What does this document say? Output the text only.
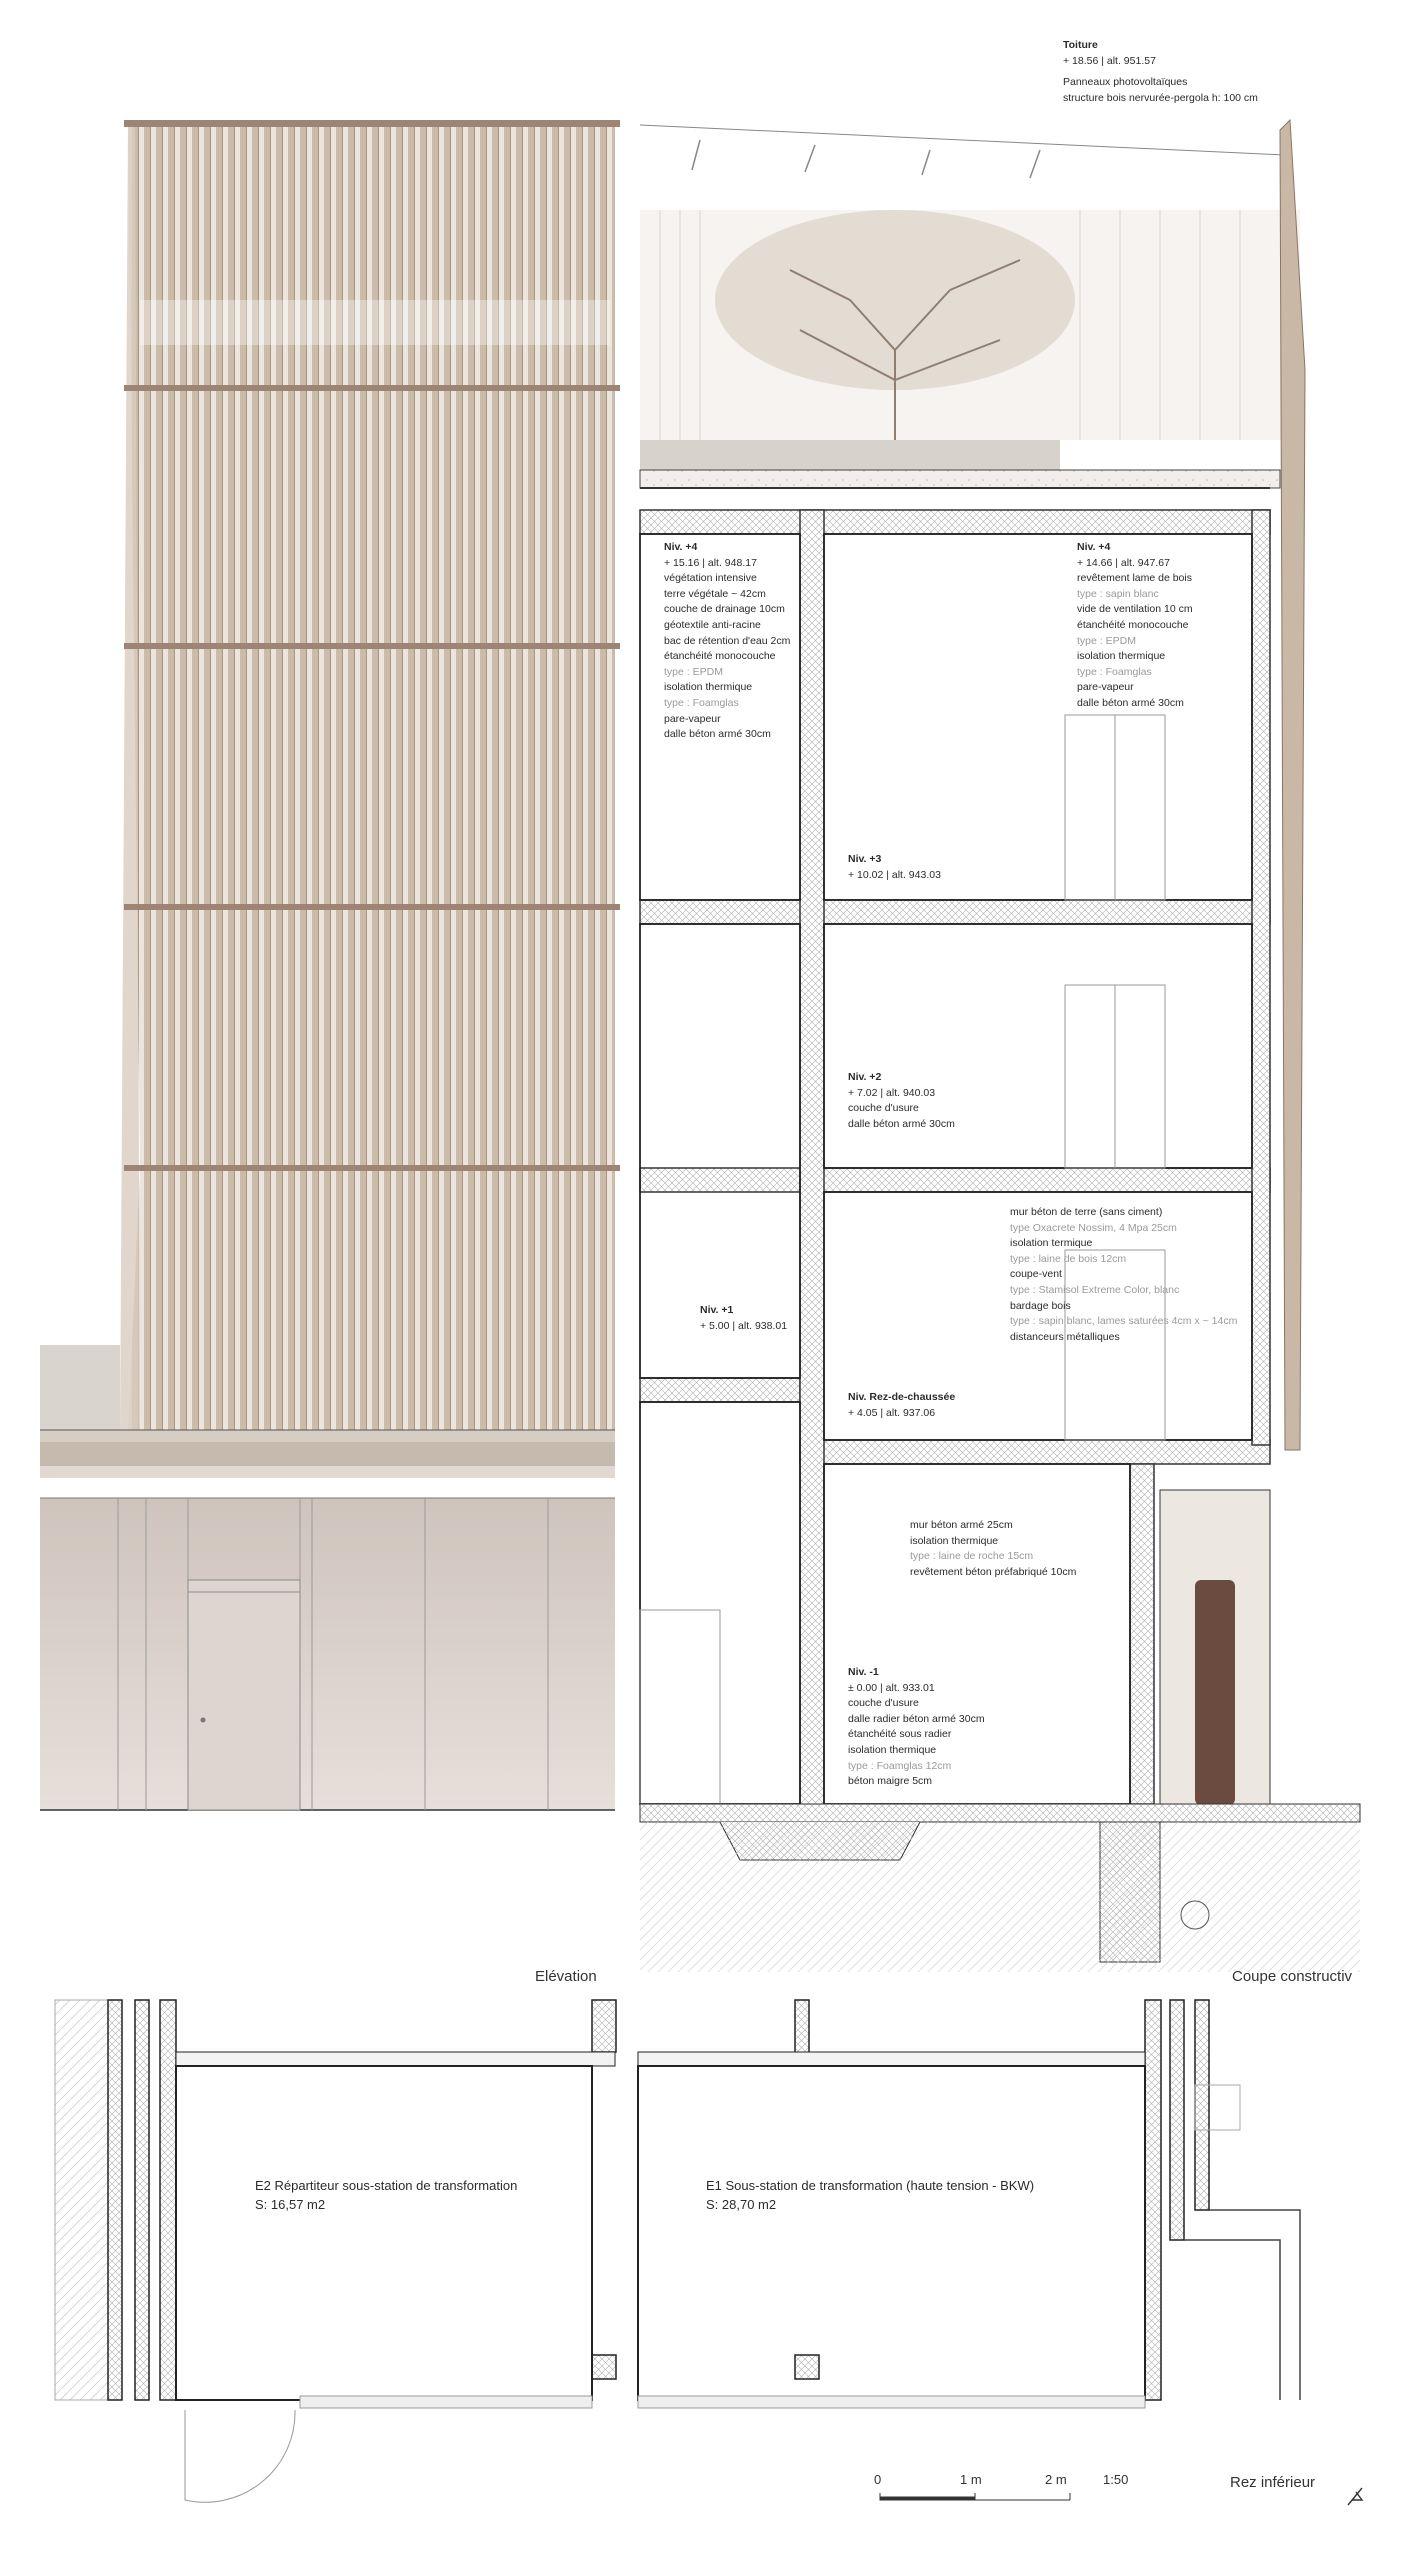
Toiture
+ 18.56 | alt. 951.57
Panneaux photovoltaïques
structure bois nervurée-pergola h: 100 cm
Niv. +4
+ 15.16 | alt. 948.17
végétation intensive
terre végétale ~ 42cm
couche de drainage 10cm
géotextile anti-racine
bac de rétention d'eau 2cm
étanchéité monocouche
type : EPDM
isolation thermique
type : Foamglas
pare-vapeur
dalle béton armé 30cm
Niv. +4
+ 14.66 | alt. 947.67
revêtement lame de bois
type : sapin blanc
vide de ventilation 10 cm
étanchéité monocouche
type : EPDM
isolation thermique
type : Foamglas
pare-vapeur
dalle béton armé 30cm
Niv. +3
+ 10.02 | alt. 943.03
Niv. +2
+ 7.02 | alt. 940.03
couche d'usure
dalle béton armé 30cm
mur béton de terre (sans ciment)
type Oxacrete Nossim, 4 Mpa 25cm
isolation termique
type : laine de bois 12cm
coupe-vent
type : Stamisol Extreme Color, blanc
bardage bois
type : sapin blanc, lames saturées 4cm x ~ 14cm
distanceurs métalliques
Niv. +1
+ 5.00 | alt. 938.01
Niv. Rez-de-chaussée
+ 4.05 | alt. 937.06
mur béton armé 25cm
isolation thermique
type : laine de roche 15cm
revêtement béton préfabriqué 10cm
Niv. -1
± 0.00 | alt. 933.01
couche d'usure
dalle radier béton armé 30cm
étanchéité sous radier
isolation thermique
type : Foamglas 12cm
béton maigre 5cm
Elévation	Coupe constructiv
E2 Répartiteur sous-station de transformation
S: 16,57 m2
E1 Sous-station de transformation (haute tension - BKW)
S: 28,70 m2
0	1 m	2 m	1:50	Rez inférieur
